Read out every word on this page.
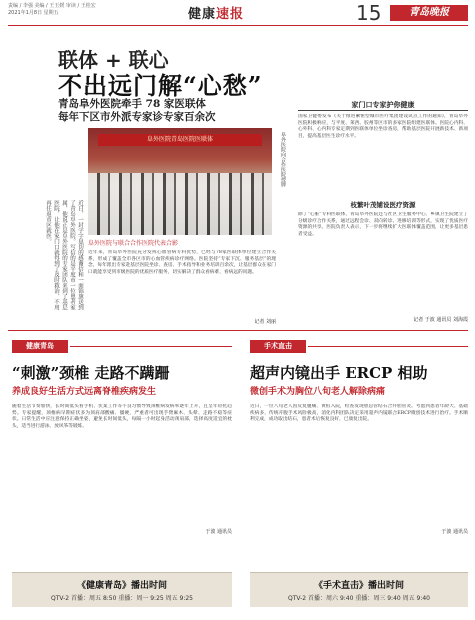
责编 / 李强 美编 / 王玉媛 审读 / 王桂宏
2021年1月8日 星期五	健康速报	15	青岛晚报
联体 + 联心
不出远门解“心愁”
青岛阜外医院牵手 78 家医联体
每年下区市外派专家诊专家百余次
近日，一封字字恳切的感谢信和一面锦旗送到了青岛阜外医院。写信的是平度市一位患者家属，他说正是阜外医院的专家团队来到了基层医院，让他在家门口就得到了及时救治，不用再往返市区就医。
阜外医院青岛医院医联体	阜外医院向合作医院授牌
阜外医院与联合合作医院代表合影
近年来，青岛阜外医院充分发挥心血管病专科优势，已经与78家医联体单位建立合作关系，形成了覆盖全市各区市的心血管疾病诊疗网络。医院坚持“专家下沉、服务基层”的理念，每年派出专家赴基层医院坐诊、查房、手术指导和业务培训百余次，让基层群众在家门口就能享受到市级医院的优质医疗服务，切实解决了群众看病难、看病远的问题。
记者 刘丽
家门口专家护你健康
国家卫健委发布《关于推进紧密型城市医疗集团建设试点工作的通知》，青岛阜外医院积极响应，与平度、莱西、胶州等区市的多家医院组建医联体。医院心内科、心外科、心内科专家定期到医联体单位坐诊查房，帮助基层医院开展新技术、新项目，提高基层医生诊疗水平。
枝繁叶茂铺设医疗资源
除了“心脏”专科医联体，青岛阜外医院还与社区卫生服务中心、乡镇卫生院建立了分级诊疗合作关系，通过远程会诊、双向转诊、进修培训等形式，实现了优质医疗资源的共享。医院负责人表示，下一步将继续扩大医联体覆盖范围，让更多基层患者受益。
记者 于波 通讯员 刘海霞
健康青岛
“刺激”颈椎 走路不蹒跚
养成良好生活方式远离脊椎疾病发生
随着生活节奏加快，长时间低头看手机、伏案工作等不良习惯导致颈椎病发病率逐年上升，且呈年轻化趋势。专家提醒，颈椎病早期症状多为颈肩部酸痛、僵硬，严重者可出现手臂麻木、头晕、走路不稳等症状。日常生活中应注意保持正确坐姿，避免长时间低头，每隔一小时起身活动颈肩部，选择高度适宜的枕头，适当进行游泳、放风筝等锻炼。
于波 通讯员
手术直击
超声内镜出手 ERCP 相助
微创手术为胸位八旬老人解除病痛
近日，一位八旬老人因反复腹痛、黄疸入院，检查发现胆总管结石合并胆管炎。考虑到患者年龄大、基础疾病多，传统开腹手术风险极高，消化内科团队决定采用超声内镜联合ERCP微创技术进行治疗。手术顺利完成，成功取出结石，患者术后恢复良好，已康复出院。
于波 通讯员
《健康青岛》播出时间
QTV-2 首播：周五 8:50 重播：周一 9:25 周五 9:25
《手术直击》播出时间
QTV-2 首播：周六 9:40 重播：周三 9:40 周五 9:40
